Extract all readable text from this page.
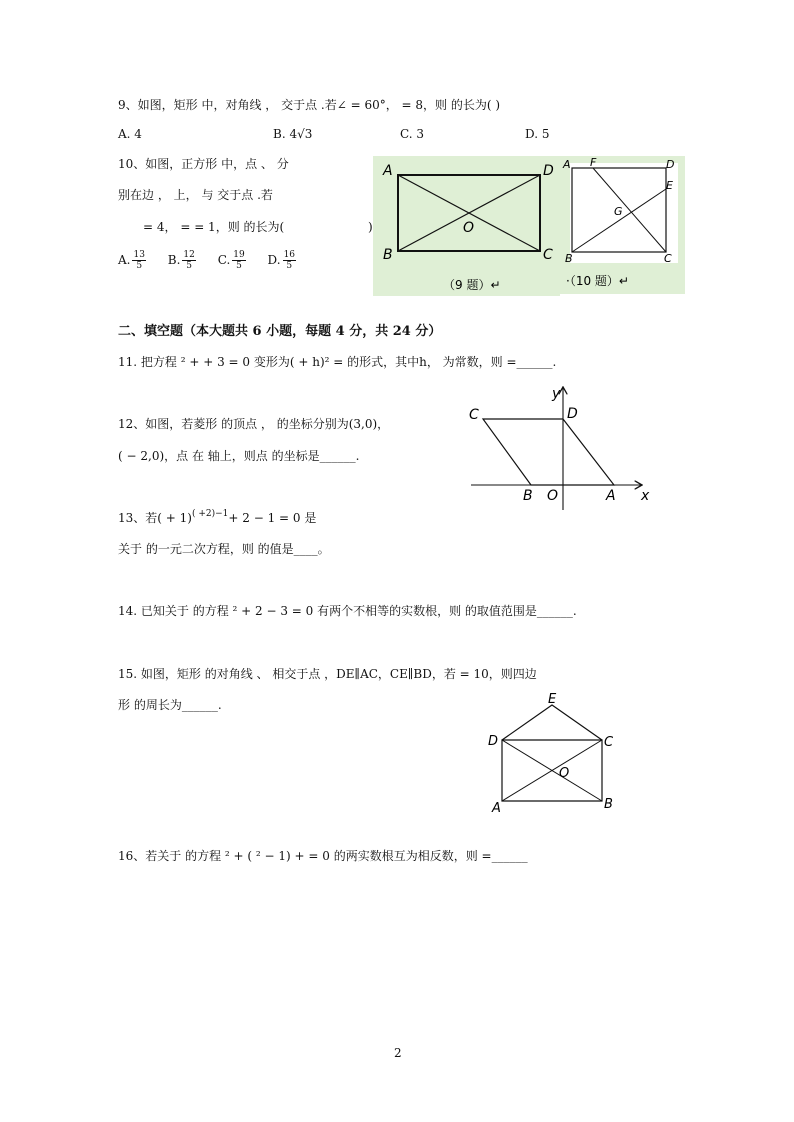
9、如图，矩形 中，对角线 ， 交于点 .若∠ = 60°， = 8，则 的长为( )
A. 4	B. 4√3	C. 3	D. 5
10、如图，正方形 中，点 、 分
别在边 ， 上， 与 交于点 .若
= 4， = = 1，则 的长为(	)
A. $\frac{13}{5} B$. $\frac{12}{5} C$. $\frac{19}{5} D$. $\frac{16}{5}$
A	D
B	C
O
（9 题）↵
A F	D
E
G
B	C
·（10 题）↵
二、填空题（本大题共 6 小题，每题 4 分，共 24 分）
11. 把方程 ² + + 3 = 0 变形为( + h)² = 的形式，其中h， 为常数，则 =______.
12、如图，若菱形 的顶点 ， 的坐标分别为(3,0)，
( − 2,0)，点 在 轴上，则点 的坐标是______.
C	D
y
x
B O	A
13、若( + 1)$^{( +2)-1}$+ 2 − 1 = 0 是
关于 的一元二次方程，则 的值是____。
14. 已知关于 的方程 ² + 2 − 3 = 0 有两个不相等的实数根，则 的取值范围是______.
15. 如图，矩形 的对角线 、 相交于点 ，DE∥AC，CE∥BD，若 = 10，则四边
形 的周长为______.	E
D	C
O
A	B
16、若关于 的方程 ² + ( ² − 1) + = 0 的两实数根互为相反数，则 =______
2
